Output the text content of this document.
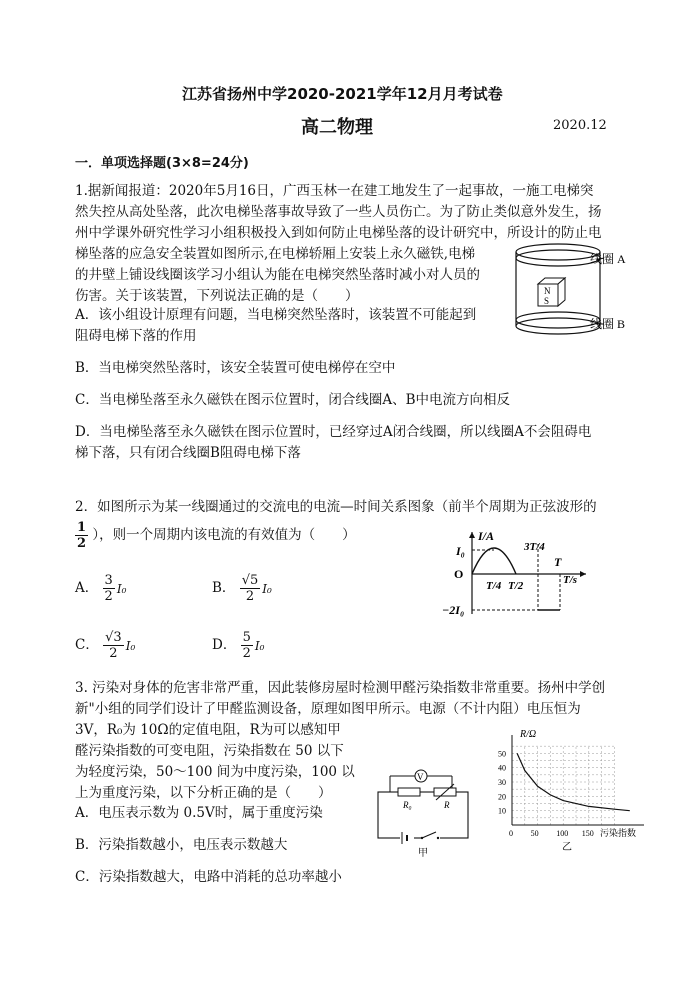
江苏省扬州中学2020-2021学年12月月考试卷
高二物理	2020.12
一．单项选择题(3×8=24分)
1.据新闻报道：2020年5月16日，广西玉林一在建工地发生了一起事故，一施工电梯突
然失控从高处坠落，此次电梯坠落事故导致了一些人员伤亡。为了防止类似意外发生，扬
州中学课外研究性学习小组积极投入到如何防止电梯坠落的设计研究中，所设计的防止电
梯坠落的应急安全装置如图所示,在电梯轿厢上安装上永久磁铁,电梯
的井壁上铺设线圈该学习小组认为能在电梯突然坠落时减小对人员的
伤害。关于该装置，下列说法正确的是（　　）
A．该小组设计原理有问题，当电梯突然坠落时，该装置不可能起到
阻碍电梯下落的作用
B．当电梯突然坠落时，该安全装置可使电梯停在空中
C．当电梯坠落至永久磁铁在图示位置时，闭合线圈A、B中电流方向相反
D．当电梯坠落至永久磁铁在图示位置时，已经穿过A闭合线圈，所以线圈A不会阻碍电
梯下落，只有闭合线圈B阻碍电梯下落
N
S
线圈 A
线圈 B
2．如图所示为某一线圈通过的交流电的电流—时间关系图象（前半个周期为正弦波形的
$\frac{1}{2}$ ），则一个周期内该电流的有效值为（　　）
A． $\frac{3}{2} I_0$	B． $\frac{√5}{2} I_0$
C． $\frac{√3}{2} I_0$	D． $\frac{5}{2} I_0$
I/A
T/s
I₀
O
−2I₀
T/4 T/2
3T/4
T
3. 污染对身体的危害非常严重，因此装修房屋时检测甲醛污染指数非常重要。扬州中学创
新"小组的同学们设计了甲醛监测设备，原理如图甲所示。电源（不计内阻）电压恒为
3V，R₀为 10Ω的定值电阻，R为可以感知甲
醛污染指数的可变电阻，污染指数在 50 以下
为轻度污染，50～100 间为中度污染，100 以
上为重度污染，以下分析正确的是（　　）
A．电压表示数为 0.5V时，属于重度污染
B．污染指数越小，电压表示数越大
C．污染指数越大，电路中消耗的总功率越小
V
R₀	R
甲
10
20
30
40
50
0 50 100 150
R/Ω
污染指数
乙
